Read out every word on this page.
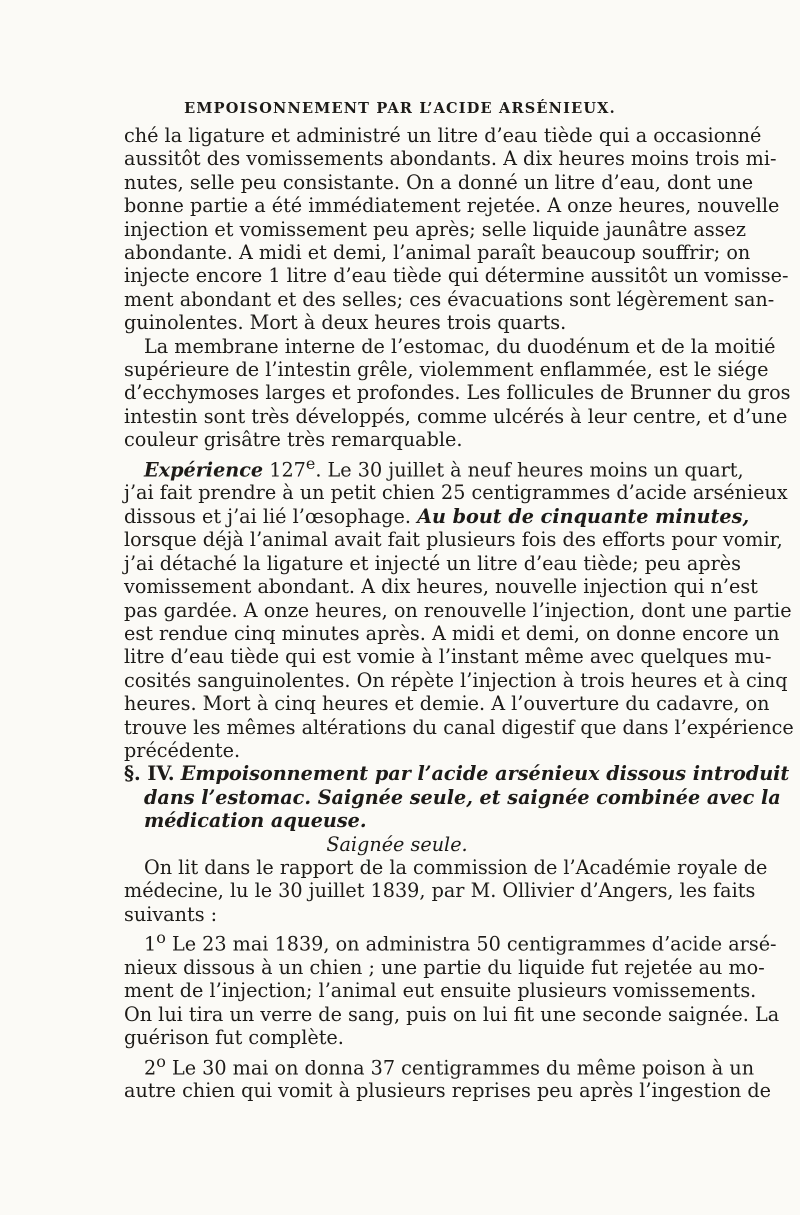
EMPOISONNEMENT PAR L’ACIDE ARSÉNIEUX.
ché la ligature et administré un litre d’eau tiède qui a occasionné
aussitôt des vomissements abondants. A dix heures moins trois mi-
nutes, selle peu consistante. On a donné un litre d’eau, dont une
bonne partie a été immédiatement rejetée. A onze heures, nouvelle
injection et vomissement peu après; selle liquide jaunâtre assez
abondante. A midi et demi, l’animal paraît beaucoup souffrir; on
injecte encore 1 litre d’eau tiède qui détermine aussitôt un vomisse-
ment abondant et des selles; ces évacuations sont légèrement san-
guinolentes. Mort à deux heures trois quarts.
La membrane interne de l’estomac, du duodénum et de la moitié
supérieure de l’intestin grêle, violemment enflammée, est le siége
d’ecchymoses larges et profondes. Les follicules de Brunner du gros
intestin sont très développés, comme ulcérés à leur centre, et d’une
couleur grisâtre très remarquable.
Expérience 127e. Le 30 juillet à neuf heures moins un quart,
j’ai fait prendre à un petit chien 25 centigrammes d’acide arsénieux
dissous et j’ai lié l’œsophage. Au bout de cinquante minutes,
lorsque déjà l’animal avait fait plusieurs fois des efforts pour vomir,
j’ai détaché la ligature et injecté un litre d’eau tiède; peu après
vomissement abondant. A dix heures, nouvelle injection qui n’est
pas gardée. A onze heures, on renouvelle l’injection, dont une partie
est rendue cinq minutes après. A midi et demi, on donne encore un
litre d’eau tiède qui est vomie à l’instant même avec quelques mu-
cosités sanguinolentes. On répète l’injection à trois heures et à cinq
heures. Mort à cinq heures et demie. A l’ouverture du cadavre, on
trouve les mêmes altérations du canal digestif que dans l’expérience
précédente.
§. IV. Empoisonnement par l’acide arsénieux dissous introduit
dans l’estomac. Saignée seule, et saignée combinée avec la
médication aqueuse.
Saignée seule.
On lit dans le rapport de la commission de l’Académie royale de
médecine, lu le 30 juillet 1839, par M. Ollivier d’Angers, les faits
suivants :
1$^o$ Le 23 mai 1839, on administra 50 centigrammes d’acide arsé-
nieux dissous à un chien ; une partie du liquide fut rejetée au mo-
ment de l’injection; l’animal eut ensuite plusieurs vomissements.
On lui tira un verre de sang, puis on lui fit une seconde saignée. La
guérison fut complète.
2$^o$ Le 30 mai on donna 37 centigrammes du même poison à un
autre chien qui vomit à plusieurs reprises peu après l’ingestion de
